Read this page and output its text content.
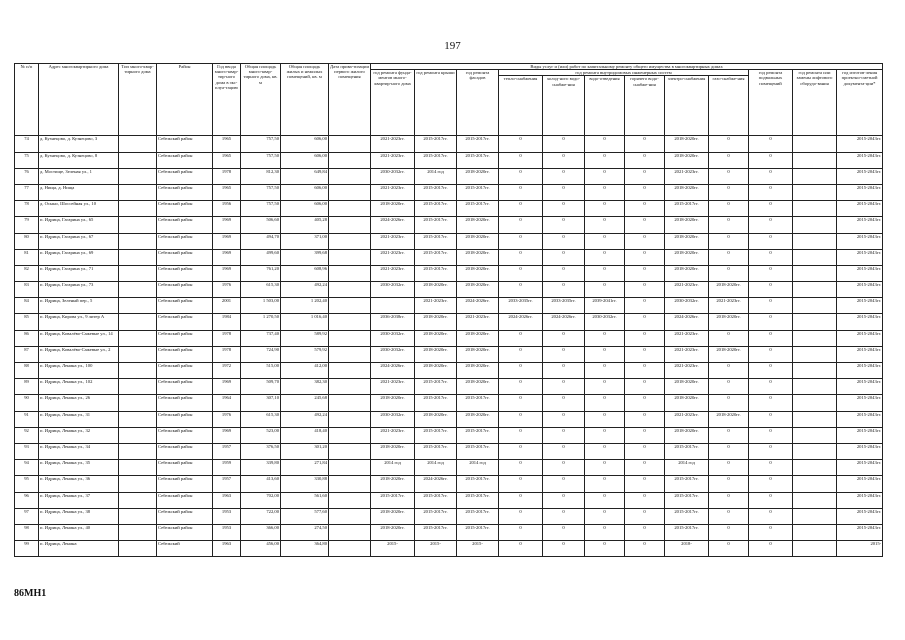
197
№ п/п	Адрес многоквартирного дома	Тип много-квар-тирного дома	Район	Год ввода много-квар-тир-ного дома в экс-плуа-тацию	Общая площадь много-квар-тирного дома, кв. м	Общая площадь жилых и нежилых помещений, кв. м	Дата прива-тизации первого жилого помещения	Виды услуг и (или) работ по капитальному ремонту общего имущества в многоквартирных домах											
								год ремонта фунда-ментов много-квартир-ного дома	год ремонта крыши	год ремонта фасадов	год ремонта внутридомовых инженерных систем						год ремонта подвальных помещений	год ремонта или замены лифтового оборудо-вания	год изготов-ления проектно-сметной документа-ции*
											тепло-снабжения	холод-ного водо-снабже-ния	водо-отведения	горячего водо-снабже-ния	электро-снабжения	газо-снабже-ния			
74	д. Кузнецово, д. Кузнецово, 3		Себежский район	1965	757,50	606,00		2021-2023гг.	2015-2017гг.	2015-2017гг.	0	0	0	0	2018-2020гг.	0	0		2015-2043гг.
75	д. Кузнецово, д. Кузнецово, 8		Себежский район	1965	757,50	606,00		2021-2023гг.	2015-2017гг.	2015-2017гг.	0	0	0	0	2018-2020гг.	0	0		2015-2043гг.
76	д. Мостище, Зеленая ул., 1		Себежский район	1978	812,30	649,84		2030-2032гг.	2014 год	2018-2020гг.	0	0	0	0	2021-2023гг.	0	0		2015-2043гг.
77	д. Нища, д. Нища		Себежский район	1965	757,50	606,00		2021-2023гг.	2015-2017гг.	2015-2017гг.	0	0	0	0	2018-2020гг.	0	0		2015-2043гг.
78	д. Осыно, Шоссейная ул., 10		Себежский район	1956	757,50	606,00		2018-2020гг.	2015-2017гг.	2015-2017гг.	0	0	0	0	2015-2017гг.	0	0		2015-2043гг.
79	п. Идрица, Гагарина ул., 65		Себежский район	1969	506,60	405,28		2024-2026гг.	2015-2017гг.	2018-2020гг.	0	0	0	0	2018-2020гг.	0	0		2015-2043гг.
80	п. Идрица, Гагарина ул., 67		Себежский район	1969	494,70	371,00		2021-2023гг.	2015-2017гг.	2018-2020гг.	0	0	0	0	2018-2020гг.	0	0		2015-2043гг.
81	п. Идрица, Гагарина ул., 69		Себежский район	1969	499,60	399,68		2021-2023гг.	2015-2017гг.	2018-2020гг.	0	0	0	0	2018-2020гг.	0	0		2015-2043гг.
82	п. Идрица, Гагарина ул., 71		Себежский район	1969	761,20	608,96		2021-2023гг.	2015-2017гг.	2018-2020гг.	0	0	0	0	2018-2020гг.	0	0		2015-2043гг.
83	п. Идрица, Гагарина ул., 73		Себежский район	1976	615,30	492,24		2030-2032гг.	2018-2020гг.	2018-2020гг.	0	0	0	0	2021-2023гг.	2018-2020гг.	0		2015-2043гг.
84	п. Идрица, Зеленый пер., 5		Себежский район	2001	1 503,00	1 202,40			2021-2023гг.	2024-2026гг.	2033-2035гг.	2033-2035гг.	2039-2041гг.	0	2030-2032гг.	2021-2023гг.	0		2015-2043гг.
85	п. Идрица, Кирова ул., 9 литер А		Себежский район	1984	1 270,50	1 016,40		2036-2038гг.	2018-2020гг.	2021-2023гг.	2024-2026гг.	2024-2026гг.	2030-2032гг.	0	2024-2026гг.	2018-2020гг.	0		2015-2043гг.
86	п. Идрица, Ковалёво-Сажевые ул., 14		Себежский район	1978	737,40	589,92		2030-2032гг.	2018-2020гг.	2018-2020гг.	0	0	0	0	2021-2023гг.	0	0		2015-2043гг.
87	п. Идрица, Ковалёво-Сажевые ул., 2		Себежский район	1978	724,90	579,92		2030-2032гг.	2018-2020гг.	2018-2020гг.	0	0	0	0	2021-2023гг.	2018-2020гг.	0		2015-2043гг.
88	п. Идрица, Ленина ул., 100		Себежский район	1972	515,00	412,00		2024-2026гг.	2018-2020гг.	2018-2020гг.	0	0	0	0	2021-2023гг.	0	0		2015-2043гг.
89	п. Идрица, Ленина ул., 102		Себежский район	1969	509,70	382,30		2021-2023гг.	2015-2017гг.	2018-2020гг.	0	0	0	0	2018-2020гг.	0	0		2015-2043гг.
90	п. Идрица, Ленина ул., 26		Себежский район	1964	307,10	245,68		2018-2020гг.	2015-2017гг.	2015-2017гг.	0	0	0	0	2018-2020гг.	0	0		2015-2043гг.
91	п. Идрица, Ленина ул., 31		Себежский район	1976	615,30	492,24		2030-2032гг.	2018-2020гг.	2018-2020гг.	0	0	0	0	2021-2023гг.	2018-2020гг.	0		2015-2043гг.
92	п. Идрица, Ленина ул., 32		Себежский район	1969	523,00	418,40		2021-2023гг.	2015-2017гг.	2015-2017гг.	0	0	0	0	2018-2020гг.	0	0		2015-2043гг.
93	п. Идрица, Ленина ул., 34		Себежский район	1957	376,50	301,20		2018-2020гг.	2015-2017гг.	2015-2017гг.	0	0	0	0	2015-2017гг.	0	0		2015-2043гг.
94	п. Идрица, Ленина ул., 35		Себежский район	1959	339,80	271,84		2014 год	2014 год	2014 год	0	0	0	0	2014 год	0	0		2015-2043гг.
95	п. Идрица, Ленина ул., 36		Себежский район	1957	413,60	330,88		2018-2020гг.	2024-2026гг.	2015-2017гг.	0	0	0	0	2015-2017гг.	0	0		2015-2043гг.
96	п. Идрица, Ленина ул., 37		Себежский район	1963	702,00	561,60		2015-2017гг.	2015-2017гг.	2015-2017гг.	0	0	0	0	2015-2017гг.	0	0		2015-2043гг.
97	п. Идрица, Ленина ул., 38		Себежский район	1953	722,00	577,60		2018-2020гг.	2015-2017гг.	2015-2017гг.	0	0	0	0	2015-2017гг.	0	0		2015-2043гг.
98	п. Идрица, Ленина ул., 40		Себежский район	1953	366,00	274,50		2018-2020гг.	2015-2017гг.	2015-2017гг.	0	0	0	0	2015-2017гг.	0	0		2015-2043гг.
99	п. Идрица, Ленина		Себежский	1963	456,00	364,80		2015-	2015-	2015-	0	0	0	0	2018-	0	0		2015-
86МН1
